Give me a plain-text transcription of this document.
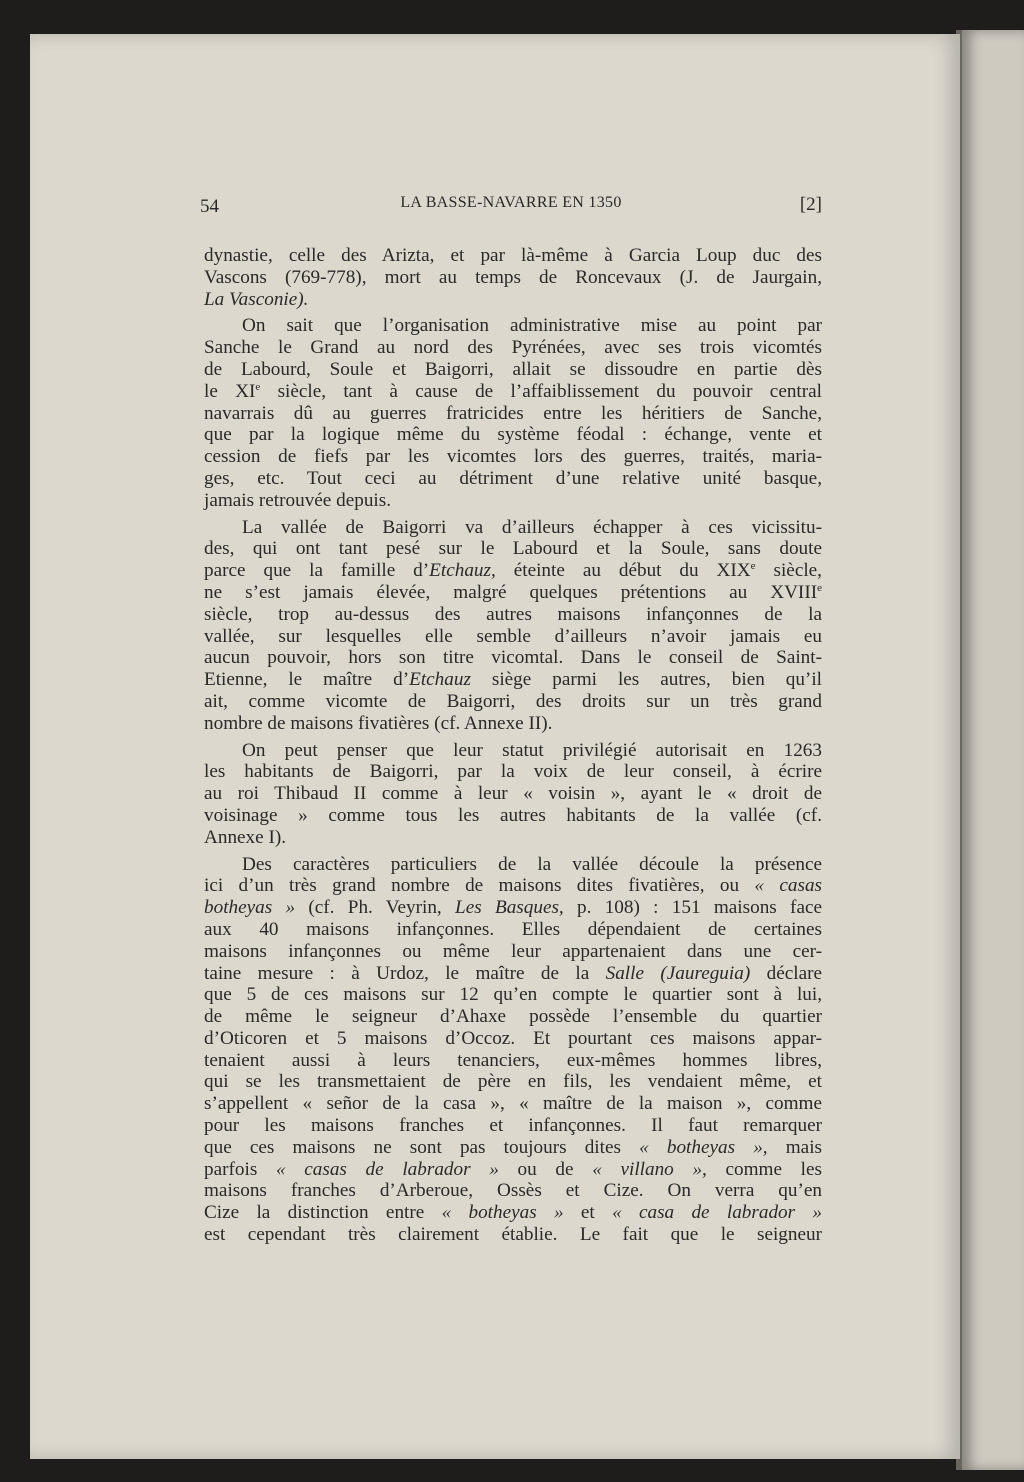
54	LA BASSE-NAVARRE EN 1350	[2]
dynastie, celle des Arizta, et par là-même à Garcia Loup duc des
Vascons (769-778), mort au temps de Roncevaux (J. de Jaurgain,
La Vasconie).
On sait que l’organisation administrative mise au point par
Sanche le Grand au nord des Pyrénées, avec ses trois vicomtés
de Labourd, Soule et Baigorri, allait se dissoudre en partie dès
le XIe siècle, tant à cause de l’affaiblissement du pouvoir central
navarrais dû au guerres fratricides entre les héritiers de Sanche,
que par la logique même du système féodal : échange, vente et
cession de fiefs par les vicomtes lors des guerres, traités, maria-
ges, etc. Tout ceci au détriment d’une relative unité basque,
jamais retrouvée depuis.
La vallée de Baigorri va d’ailleurs échapper à ces vicissitu-
des, qui ont tant pesé sur le Labourd et la Soule, sans doute
parce que la famille d’Etchauz, éteinte au début du XIXe siècle,
ne s’est jamais élevée, malgré quelques prétentions au XVIIIe
siècle, trop au-dessus des autres maisons infançonnes de la
vallée, sur lesquelles elle semble d’ailleurs n’avoir jamais eu
aucun pouvoir, hors son titre vicomtal. Dans le conseil de Saint-
Etienne, le maître d’Etchauz siège parmi les autres, bien qu’il
ait, comme vicomte de Baigorri, des droits sur un très grand
nombre de maisons fivatières (cf. Annexe II).
On peut penser que leur statut privilégié autorisait en 1263
les habitants de Baigorri, par la voix de leur conseil, à écrire
au roi Thibaud II comme à leur « voisin », ayant le « droit de
voisinage » comme tous les autres habitants de la vallée (cf.
Annexe I).
Des caractères particuliers de la vallée découle la présence
ici d’un très grand nombre de maisons dites fivatières, ou « casas
botheyas » (cf. Ph. Veyrin, Les Basques, p. 108) : 151 maisons face
aux 40 maisons infançonnes. Elles dépendaient de certaines
maisons infançonnes ou même leur appartenaient dans une cer-
taine mesure : à Urdoz, le maître de la Salle (Jaureguia) déclare
que 5 de ces maisons sur 12 qu’en compte le quartier sont à lui,
de même le seigneur d’Ahaxe possède l’ensemble du quartier
d’Oticoren et 5 maisons d’Occoz. Et pourtant ces maisons appar-
tenaient aussi à leurs tenanciers, eux-mêmes hommes libres,
qui se les transmettaient de père en fils, les vendaient même, et
s’appellent « señor de la casa », « maître de la maison », comme
pour les maisons franches et infançonnes. Il faut remarquer
que ces maisons ne sont pas toujours dites « botheyas », mais
parfois « casas de labrador » ou de « villano », comme les
maisons franches d’Arberoue, Ossès et Cize. On verra qu’en
Cize la distinction entre « botheyas » et « casa de labrador »
est cependant très clairement établie. Le fait que le seigneur
